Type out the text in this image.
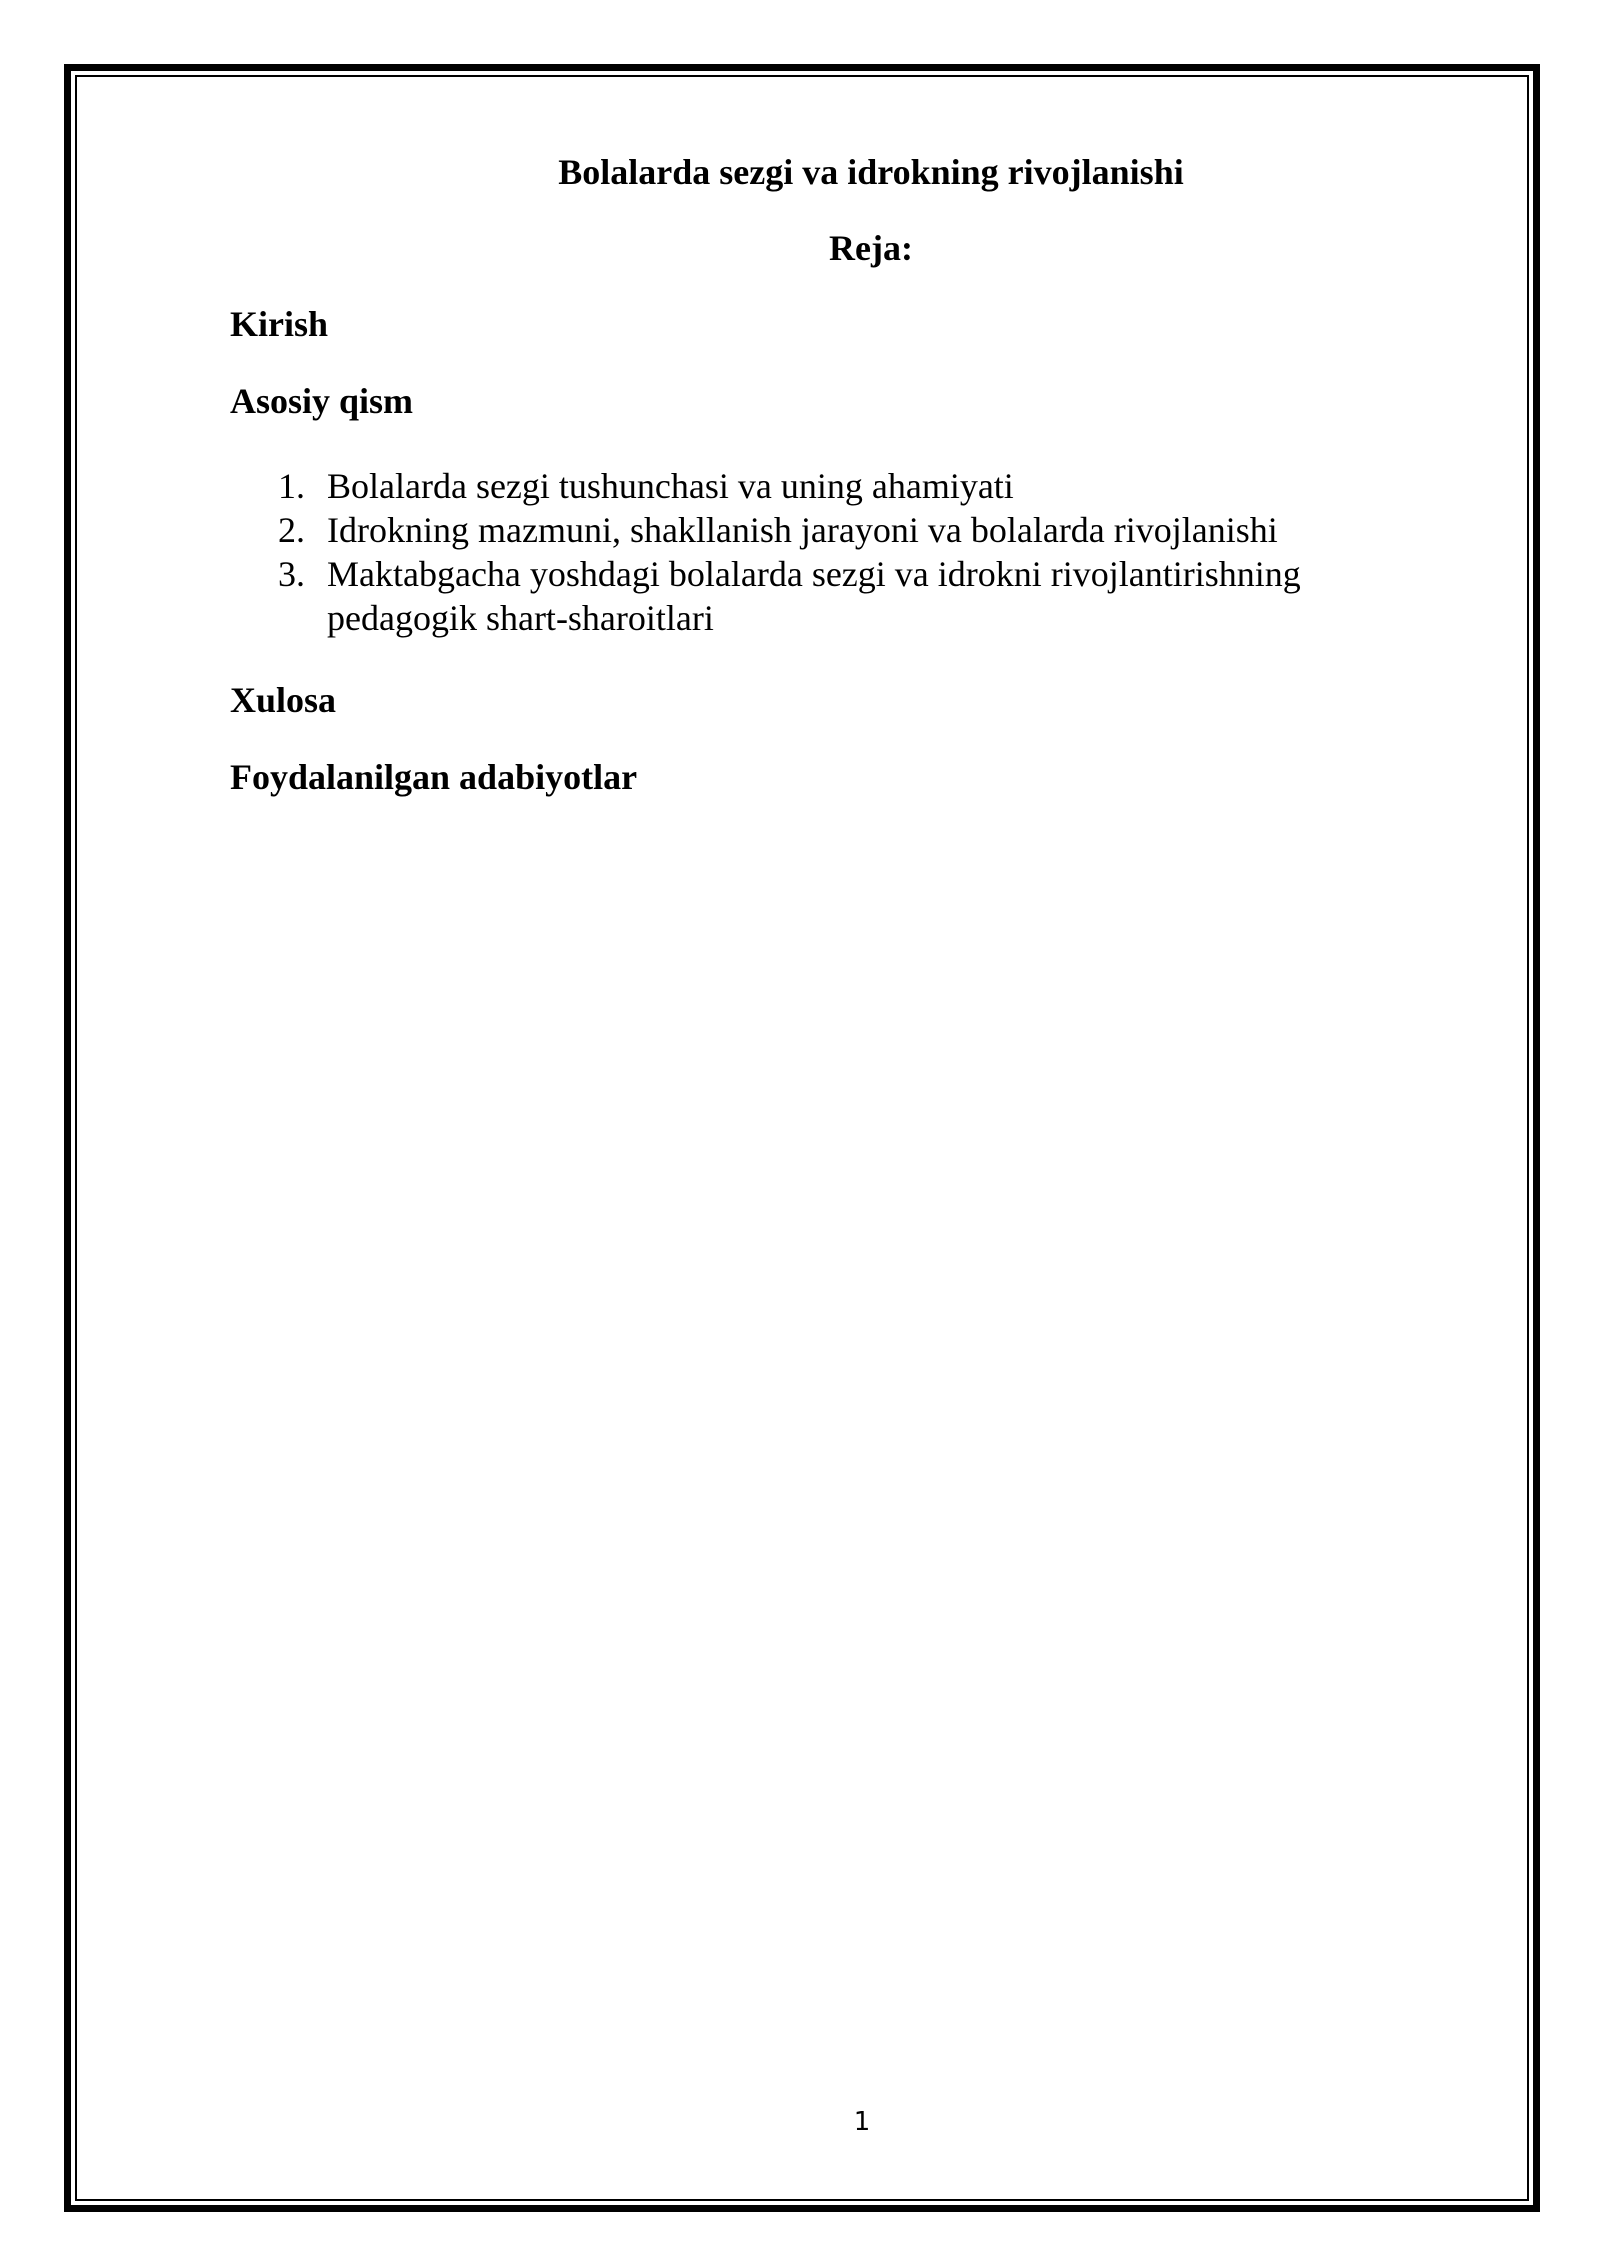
Bolalarda sezgi va idrokning rivojlanishi
Reja:
Kirish
Asosiy qism
1. Bolalarda sezgi tushunchasi va uning ahamiyati
2. Idrokning mazmuni, shakllanish jarayoni va bolalarda rivojlanishi
3. Maktabgacha yoshdagi bolalarda sezgi va idrokni rivojlantirishning pedagogik shart-sharoitlari
Xulosa
Foydalanilgan adabiyotlar
1
